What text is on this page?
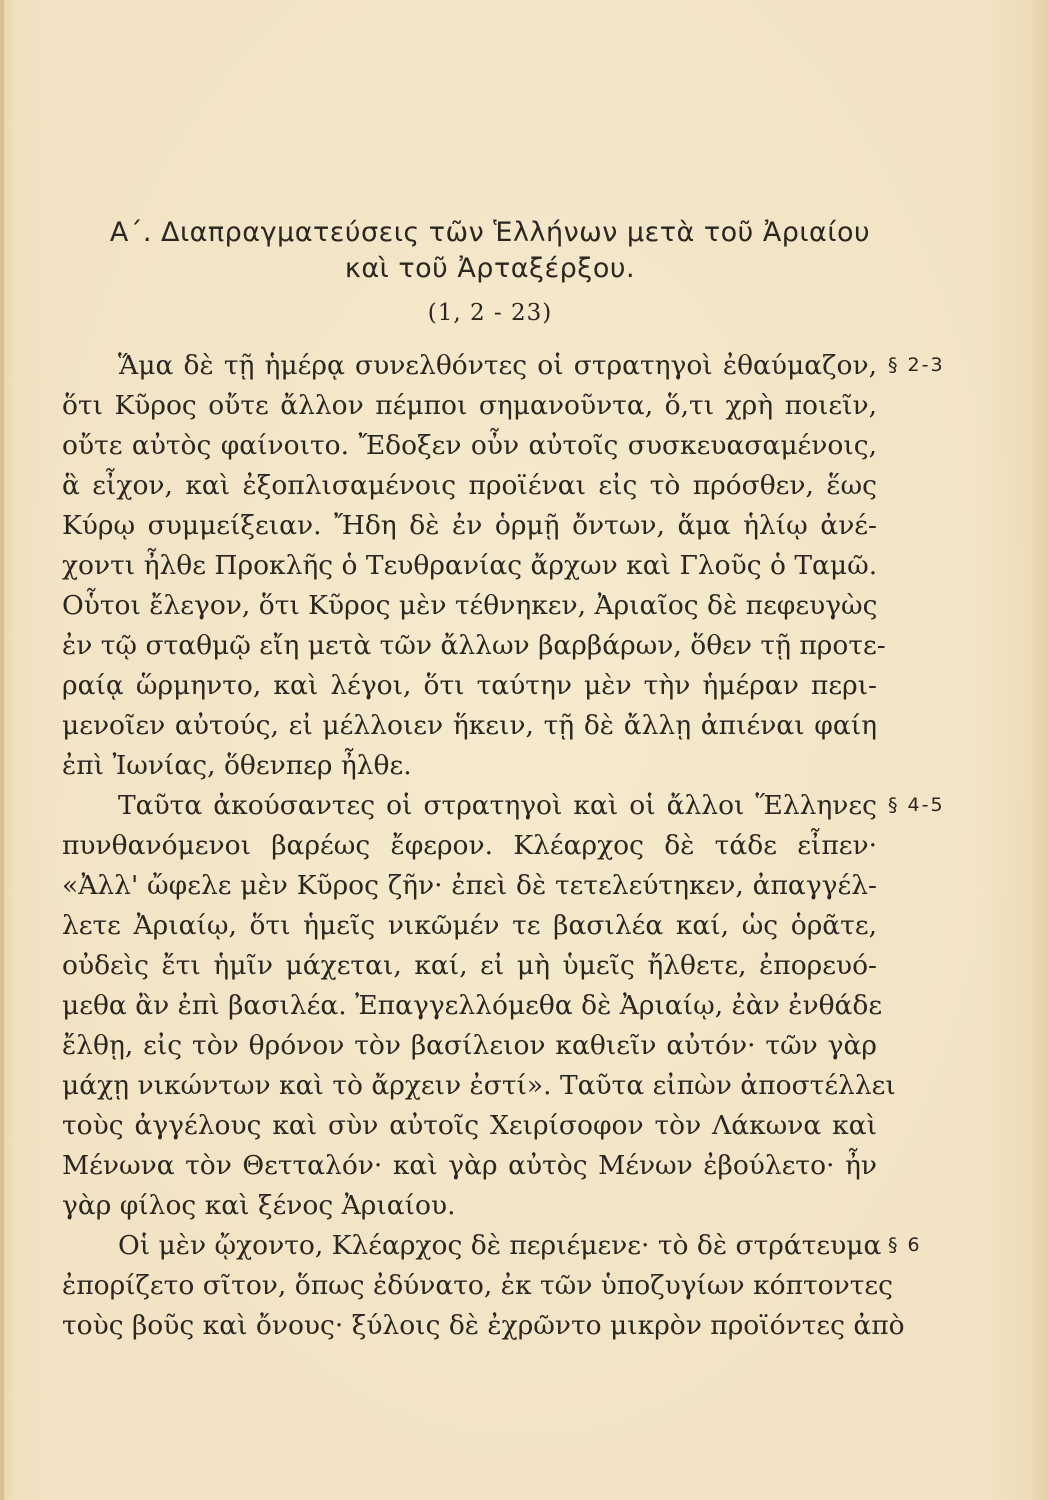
Α΄. Διαπραγματεύσεις τῶν Ἑλλήνων μετὰ τοῦ Ἀριαίου
καὶ τοῦ Ἀρταξέρξου.
(1, 2 - 23)
Ἅμα δὲ τῇ ἡμέρᾳ συνελθόντες οἱ στρατηγοὶ ἐθαύμαζον,
ὅτι Κῦρος οὔτε ἄλλον πέμποι σημανοῦντα, ὅ,τι χρὴ ποιεῖν,
οὔτε αὐτὸς φαίνοιτο. Ἔδοξεν οὖν αὐτοῖς συσκευασαμένοις,
ἃ εἶχον, καὶ ἐξοπλισαμένοις προϊέναι εἰς τὸ πρόσθεν, ἕως
Κύρῳ συμμείξειαν. Ἤδη δὲ ἐν ὁρμῇ ὄντων, ἅμα ἡλίῳ ἀνέ-
χοντι ἦλθε Προκλῆς ὁ Τευθρανίας ἄρχων καὶ Γλοῦς ὁ Ταμῶ.
Οὗτοι ἔλεγον, ὅτι Κῦρος μὲν τέθνηκεν, Ἀριαῖος δὲ πεφευγὼς
ἐν τῷ σταθμῷ εἴη μετὰ τῶν ἄλλων βαρβάρων, ὅθεν τῇ προτε-
ραίᾳ ὥρμηντο, καὶ λέγοι, ὅτι ταύτην μὲν τὴν ἡμέραν περι-
μενοῖεν αὐτούς, εἰ μέλλοιεν ἥκειν, τῇ δὲ ἄλλῃ ἀπιέναι φαίη
ἐπὶ Ἰωνίας, ὅθενπερ ἦλθε.
§ 2-3
Ταῦτα ἀκούσαντες οἱ στρατηγοὶ καὶ οἱ ἄλλοι Ἕλληνες
πυνθανόμενοι βαρέως ἔφερον. Κλέαρχος δὲ τάδε εἶπεν·
«Ἀλλ' ὤφελε μὲν Κῦρος ζῆν· ἐπεὶ δὲ τετελεύτηκεν, ἀπαγγέλ-
λετε Ἀριαίῳ, ὅτι ἡμεῖς νικῶμέν τε βασιλέα καί, ὡς ὁρᾶτε,
οὐδεὶς ἔτι ἡμῖν μάχεται, καί, εἰ μὴ ὑμεῖς ἤλθετε, ἐπορευό-
μεθα ἂν ἐπὶ βασιλέα. Ἐπαγγελλόμεθα δὲ Ἀριαίῳ, ἐὰν ἐνθάδε
ἔλθῃ, εἰς τὸν θρόνον τὸν βασίλειον καθιεῖν αὐτόν· τῶν γὰρ
μάχῃ νικώντων καὶ τὸ ἄρχειν ἐστί». Ταῦτα εἰπὼν ἀποστέλλει
τοὺς ἀγγέλους καὶ σὺν αὐτοῖς Χειρίσοφον τὸν Λάκωνα καὶ
Μένωνα τὸν Θετταλόν· καὶ γὰρ αὐτὸς Μένων ἐβούλετο· ἦν
γὰρ φίλος καὶ ξένος Ἀριαίου.
§ 4-5
Οἱ μὲν ᾤχοντο, Κλέαρχος δὲ περιέμενε· τὸ δὲ στράτευμα
ἐπορίζετο σῖτον, ὅπως ἐδύνατο, ἐκ τῶν ὑποζυγίων κόπτοντες
τοὺς βοῦς καὶ ὄνους· ξύλοις δὲ ἐχρῶντο μικρὸν προϊόντες ἀπὸ
§ 6
